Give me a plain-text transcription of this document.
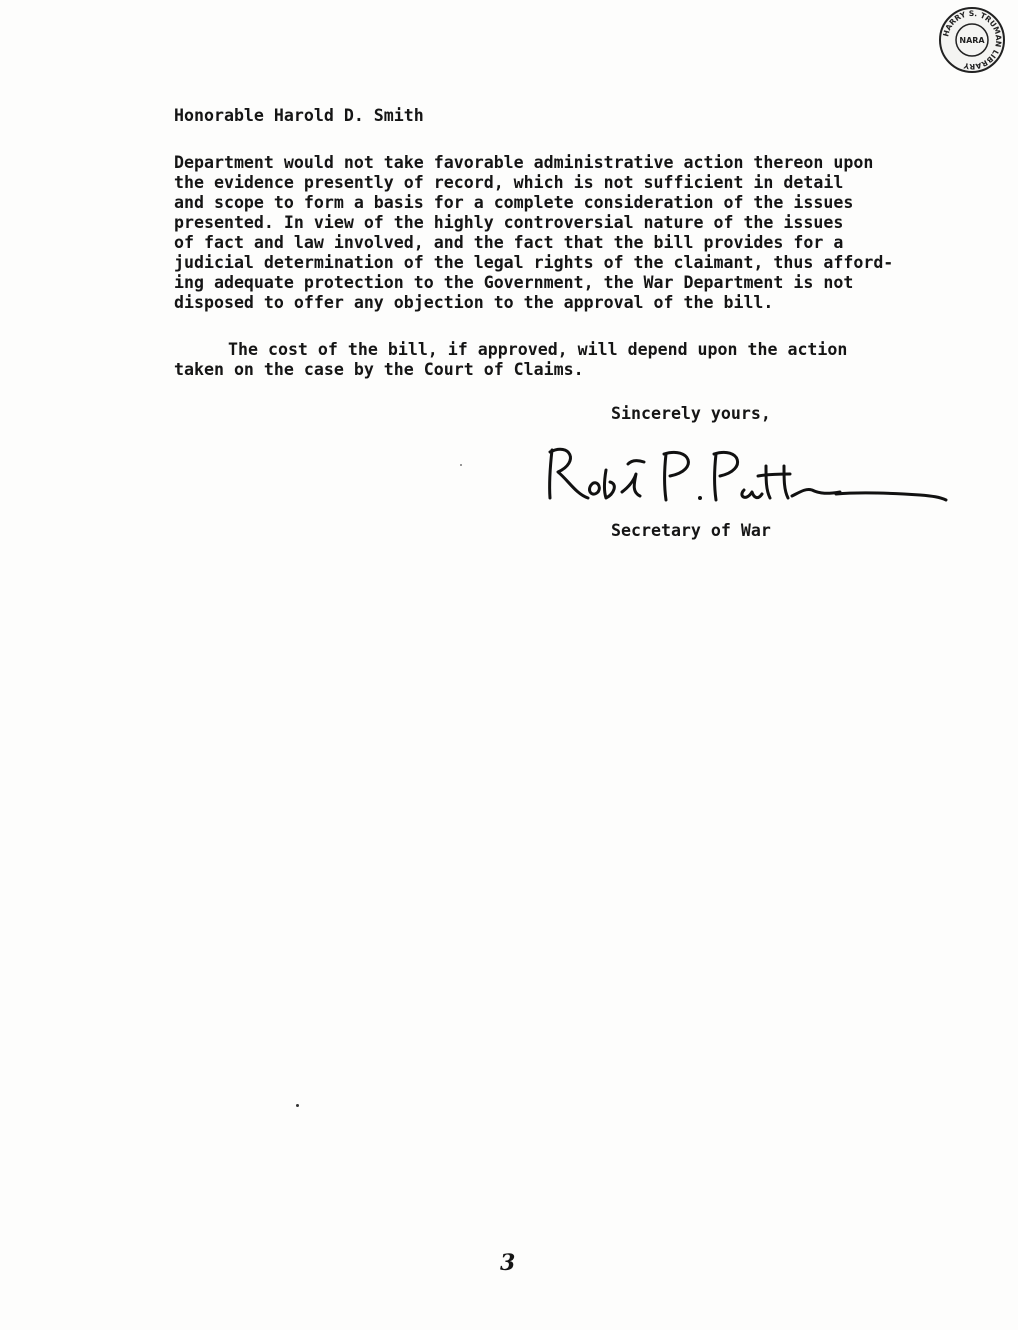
HARRY S. TRUMAN LIBRARY
NARA
Honorable Harold D. Smith
Department would not take favorable administrative action thereon upon
the evidence presently of record, which is not sufficient in detail
and scope to form a basis for a complete consideration of the issues
presented. In view of the highly controversial nature of the issues
of fact and law involved, and the fact that the bill provides for a
judicial determination of the legal rights of the claimant, thus afford-
ing adequate protection to the Government, the War Department is not
disposed to offer any objection to the approval of the bill.
The cost of the bill, if approved, will depend upon the action
taken on the case by the Court of Claims.
Sincerely yours,
Secretary of War
3
